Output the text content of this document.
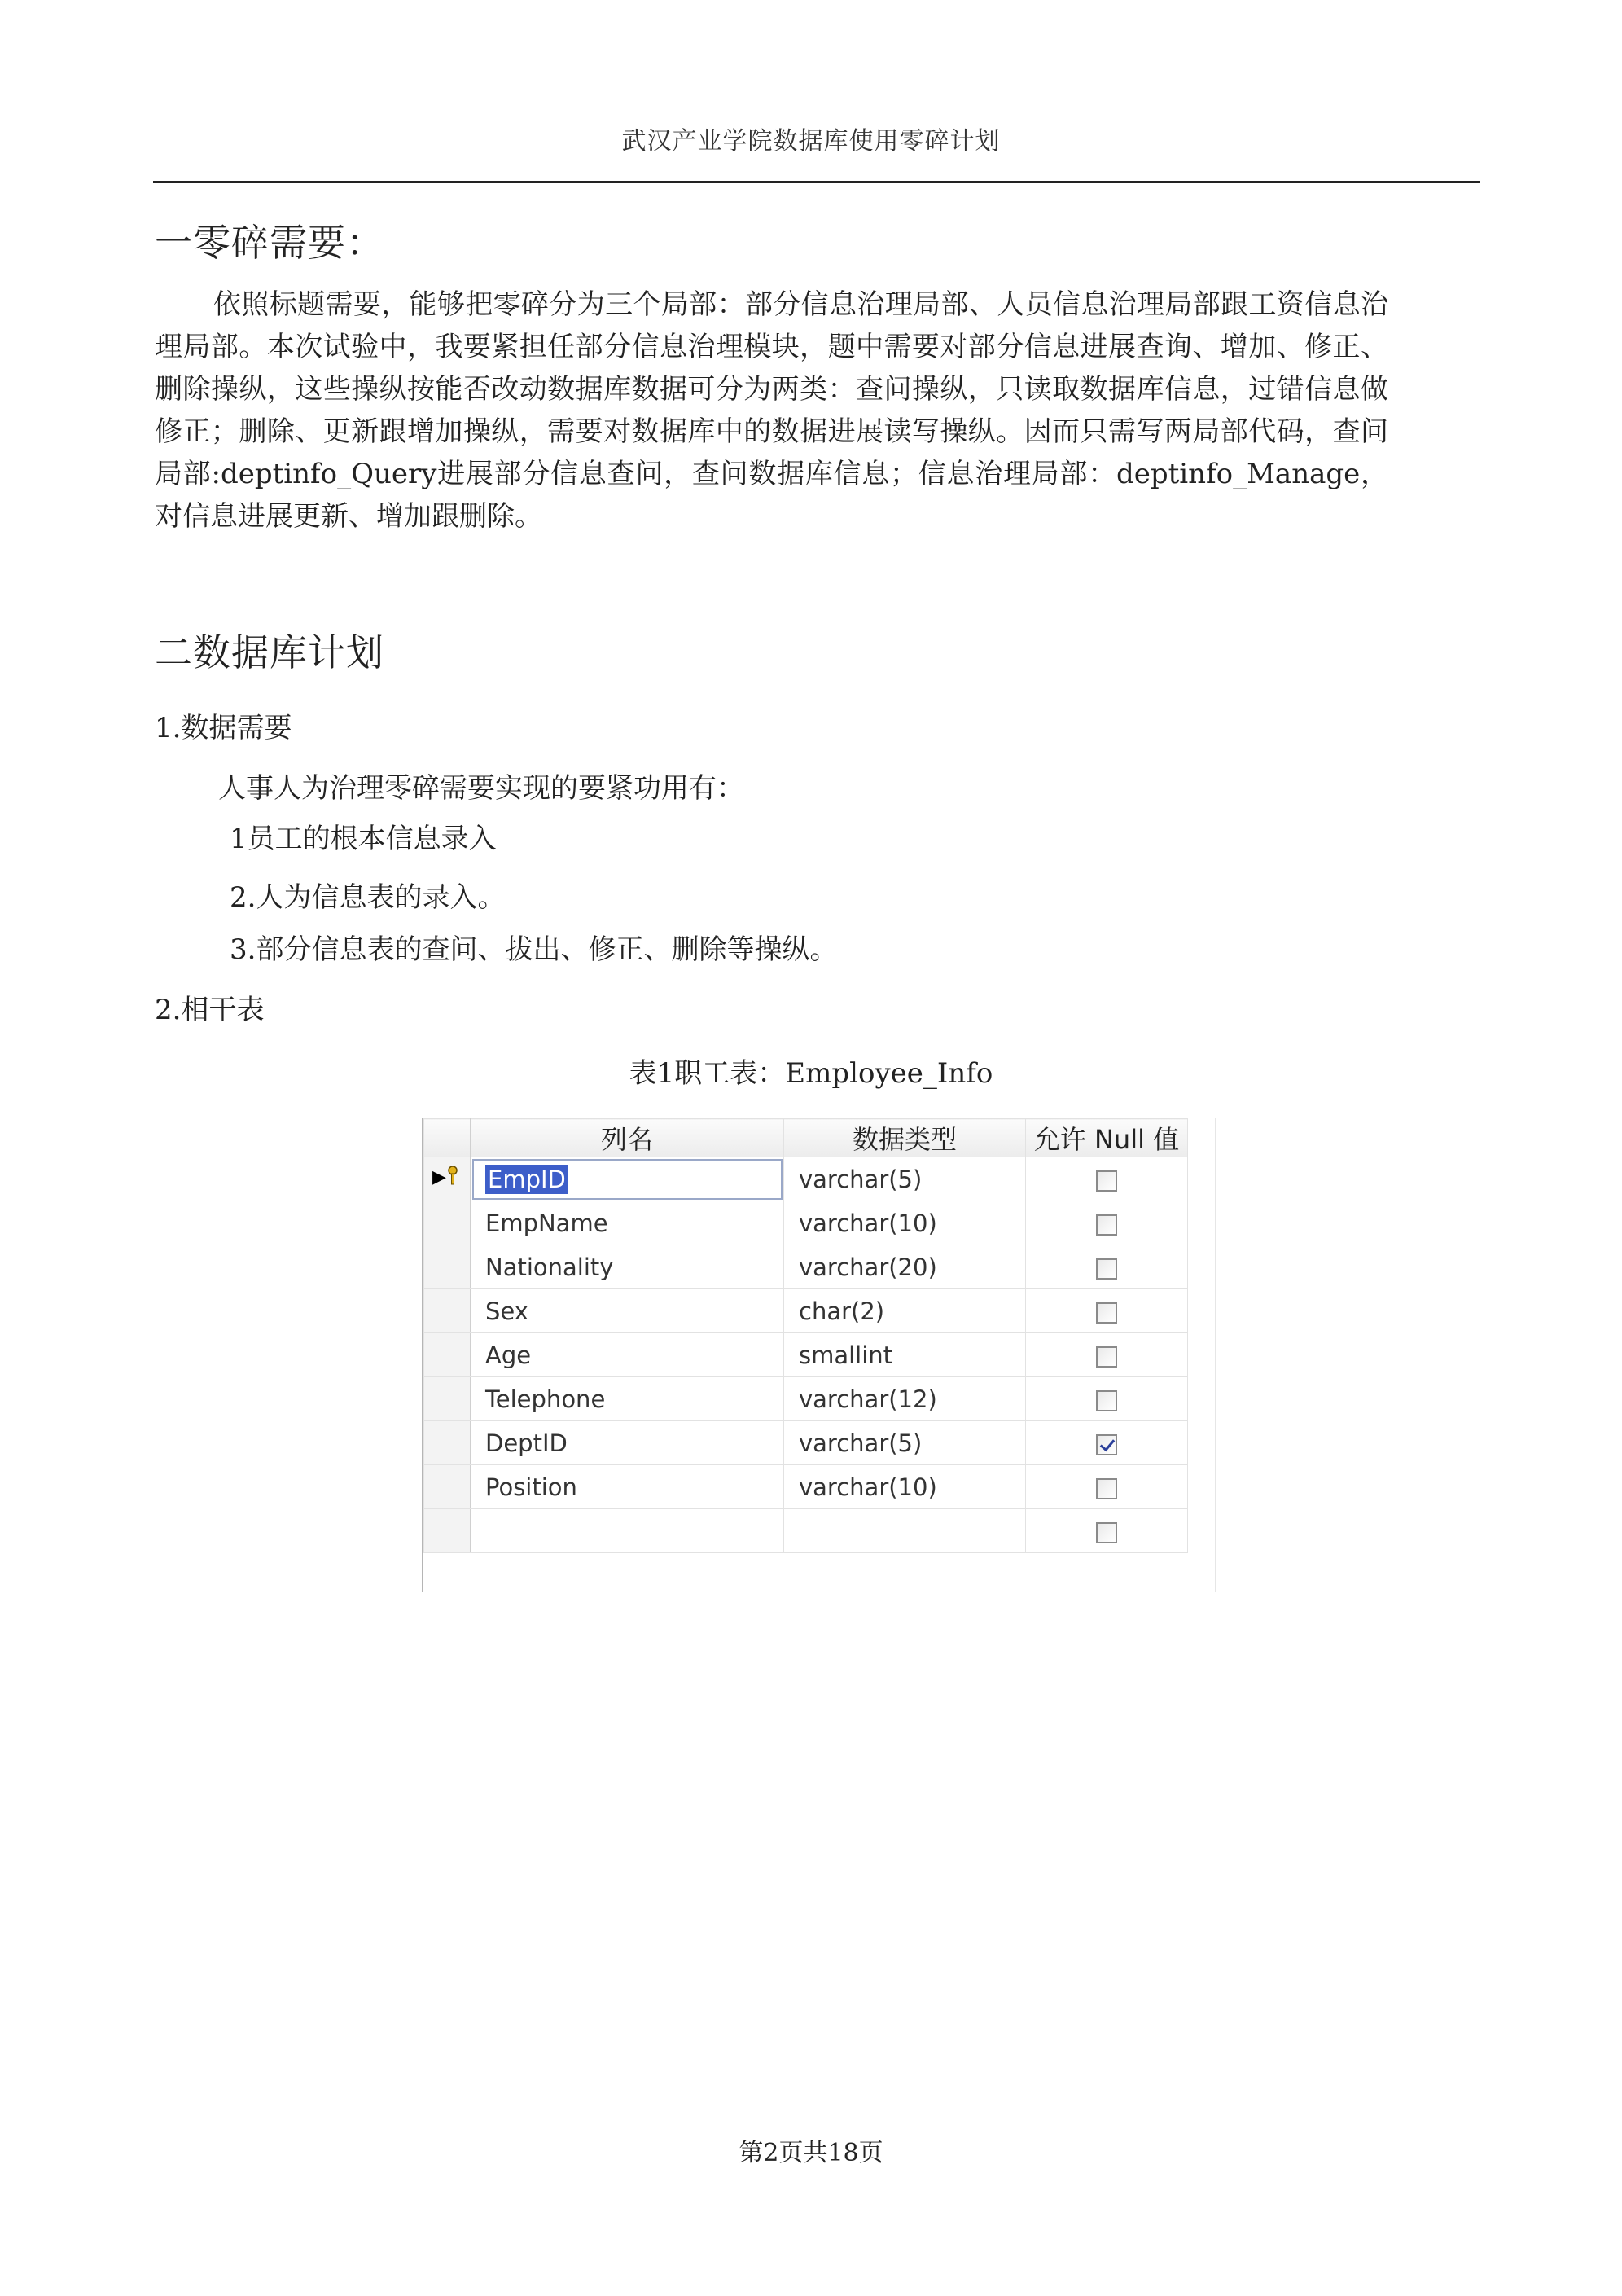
武汉产业学院数据库使用零碎计划
一零碎需要：
依照标题需要，能够把零碎分为三个局部：部分信息治理局部、人员信息治理局部跟工资信息治理局部。本次试验中，我要紧担任部分信息治理模块，题中需要对部分信息进展查询、增加、修正、删除操纵，这些操纵按能否改动数据库数据可分为两类：查问操纵，只读取数据库信息，过错信息做修正；删除、更新跟增加操纵，需要对数据库中的数据进展读写操纵。因而只需写两局部代码，查问局部:deptinfo_Query进展部分信息查问，查问数据库信息；信息治理局部：deptinfo_Manage，对信息进展更新、增加跟删除。
二数据库计划
1.数据需要
人事人为治理零碎需要实现的要紧功用有：
1员工的根本信息录入
2.人为信息表的录入。
3.部分信息表的查问、拔出、修正、删除等操纵。
2.相干表
表1职工表：Employee_Info
	列名	数据类型	允许 Null 值

▶	EmpID	varchar(5)	
	EmpName	varchar(10)	
	Nationality	varchar(20)	
	Sex	char(2)	
	Age	smallint	
	Telephone	varchar(12)	
	DeptID	varchar(5)	
	Position	varchar(10)	

第2页共18页
